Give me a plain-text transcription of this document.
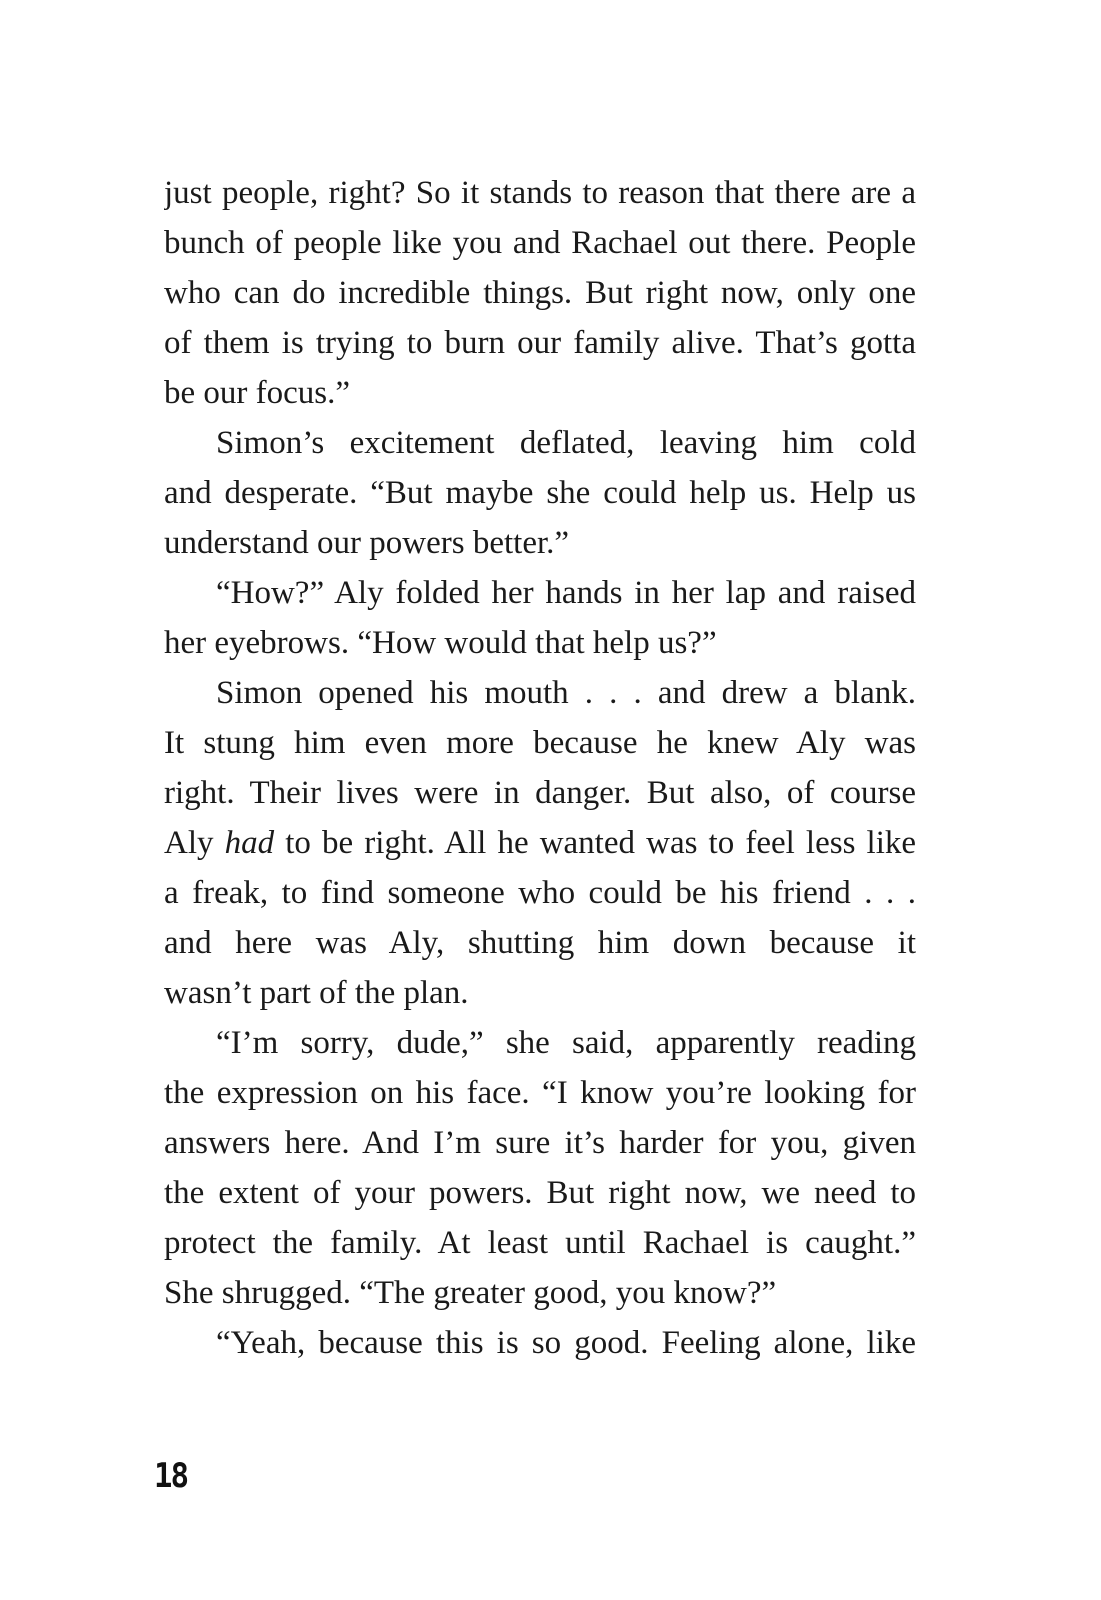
just people, right? So it stands to reason that there are a
bunch of people like you and Rachael out there. People
who can do incredible things. But right now, only one
of them is trying to burn our family alive. That’s gotta
be our focus.”
Simon’s excitement deflated, leaving him cold
and desperate. “But maybe she could help us. Help us
understand our powers better.”
“How?” Aly folded her hands in her lap and raised
her eyebrows. “How would that help us?”
Simon opened his mouth . . . and drew a blank.
It stung him even more because he knew Aly was
right. Their lives were in danger. But also, of course
Aly had to be right. All he wanted was to feel less like
a freak, to find someone who could be his friend . . .
and here was Aly, shutting him down because it
wasn’t part of the plan.
“I’m sorry, dude,” she said, apparently reading
the expression on his face. “I know you’re looking for
answers here. And I’m sure it’s harder for you, given
the extent of your powers. But right now, we need to
protect the family. At least until Rachael is caught.”
She shrugged. “The greater good, you know?”
“Yeah, because this is so good. Feeling alone, like
18
